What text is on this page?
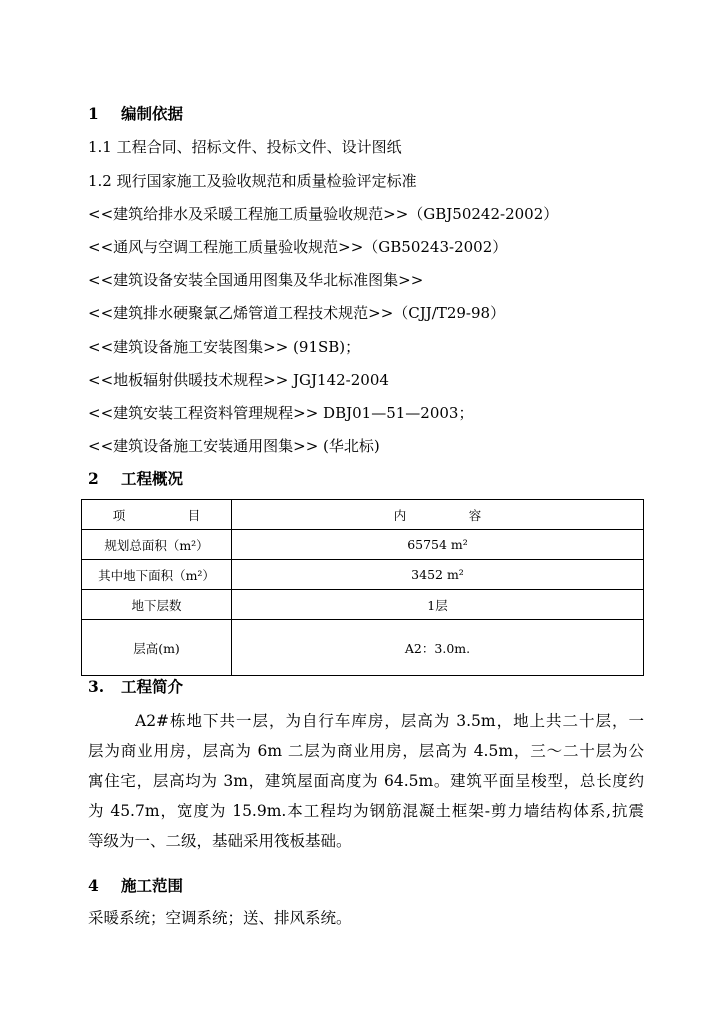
1 编制依据
1.1 工程合同、招标文件、投标文件、设计图纸
1.2 现行国家施工及验收规范和质量检验评定标准
<<建筑给排水及采暖工程施工质量验收规范>>（GBJ50242-2002）
<<通风与空调工程施工质量验收规范>>（GB50243-2002）
<<建筑设备安装全国通用图集及华北标准图集>>
<<建筑排水硬聚氯乙烯管道工程技术规范>>（CJJ/T29-98）
<<建筑设备施工安装图集>> (91SB)；
<<地板辐射供暖技术规程>> JGJ142-2004
<<建筑安装工程资料管理规程>> DBJ01—51—2003；
<<建筑设备施工安装通用图集>> (华北标)
2 工程概况
项　　　　　目	内　　　　　容
规划总面积（m²）	65754 m²
其中地下面积（m²）	3452 m²
地下层数	1层
层高(m)	A2：3.0m.
3. 工程简介
A2#栋地下共一层，为自行车库房，层高为 3.5m，地上共二十层，一
层为商业用房，层高为 6m 二层为商业用房，层高为 4.5m，三～二十层为公
寓住宅，层高均为 3m，建筑屋面高度为 64.5m。建筑平面呈梭型，总长度约
为 45.7m，宽度为 15.9m.本工程均为钢筋混凝土框架-剪力墙结构体系,抗震
等级为一、二级，基础采用筏板基础。
4 施工范围
采暖系统；空调系统；送、排风系统。
